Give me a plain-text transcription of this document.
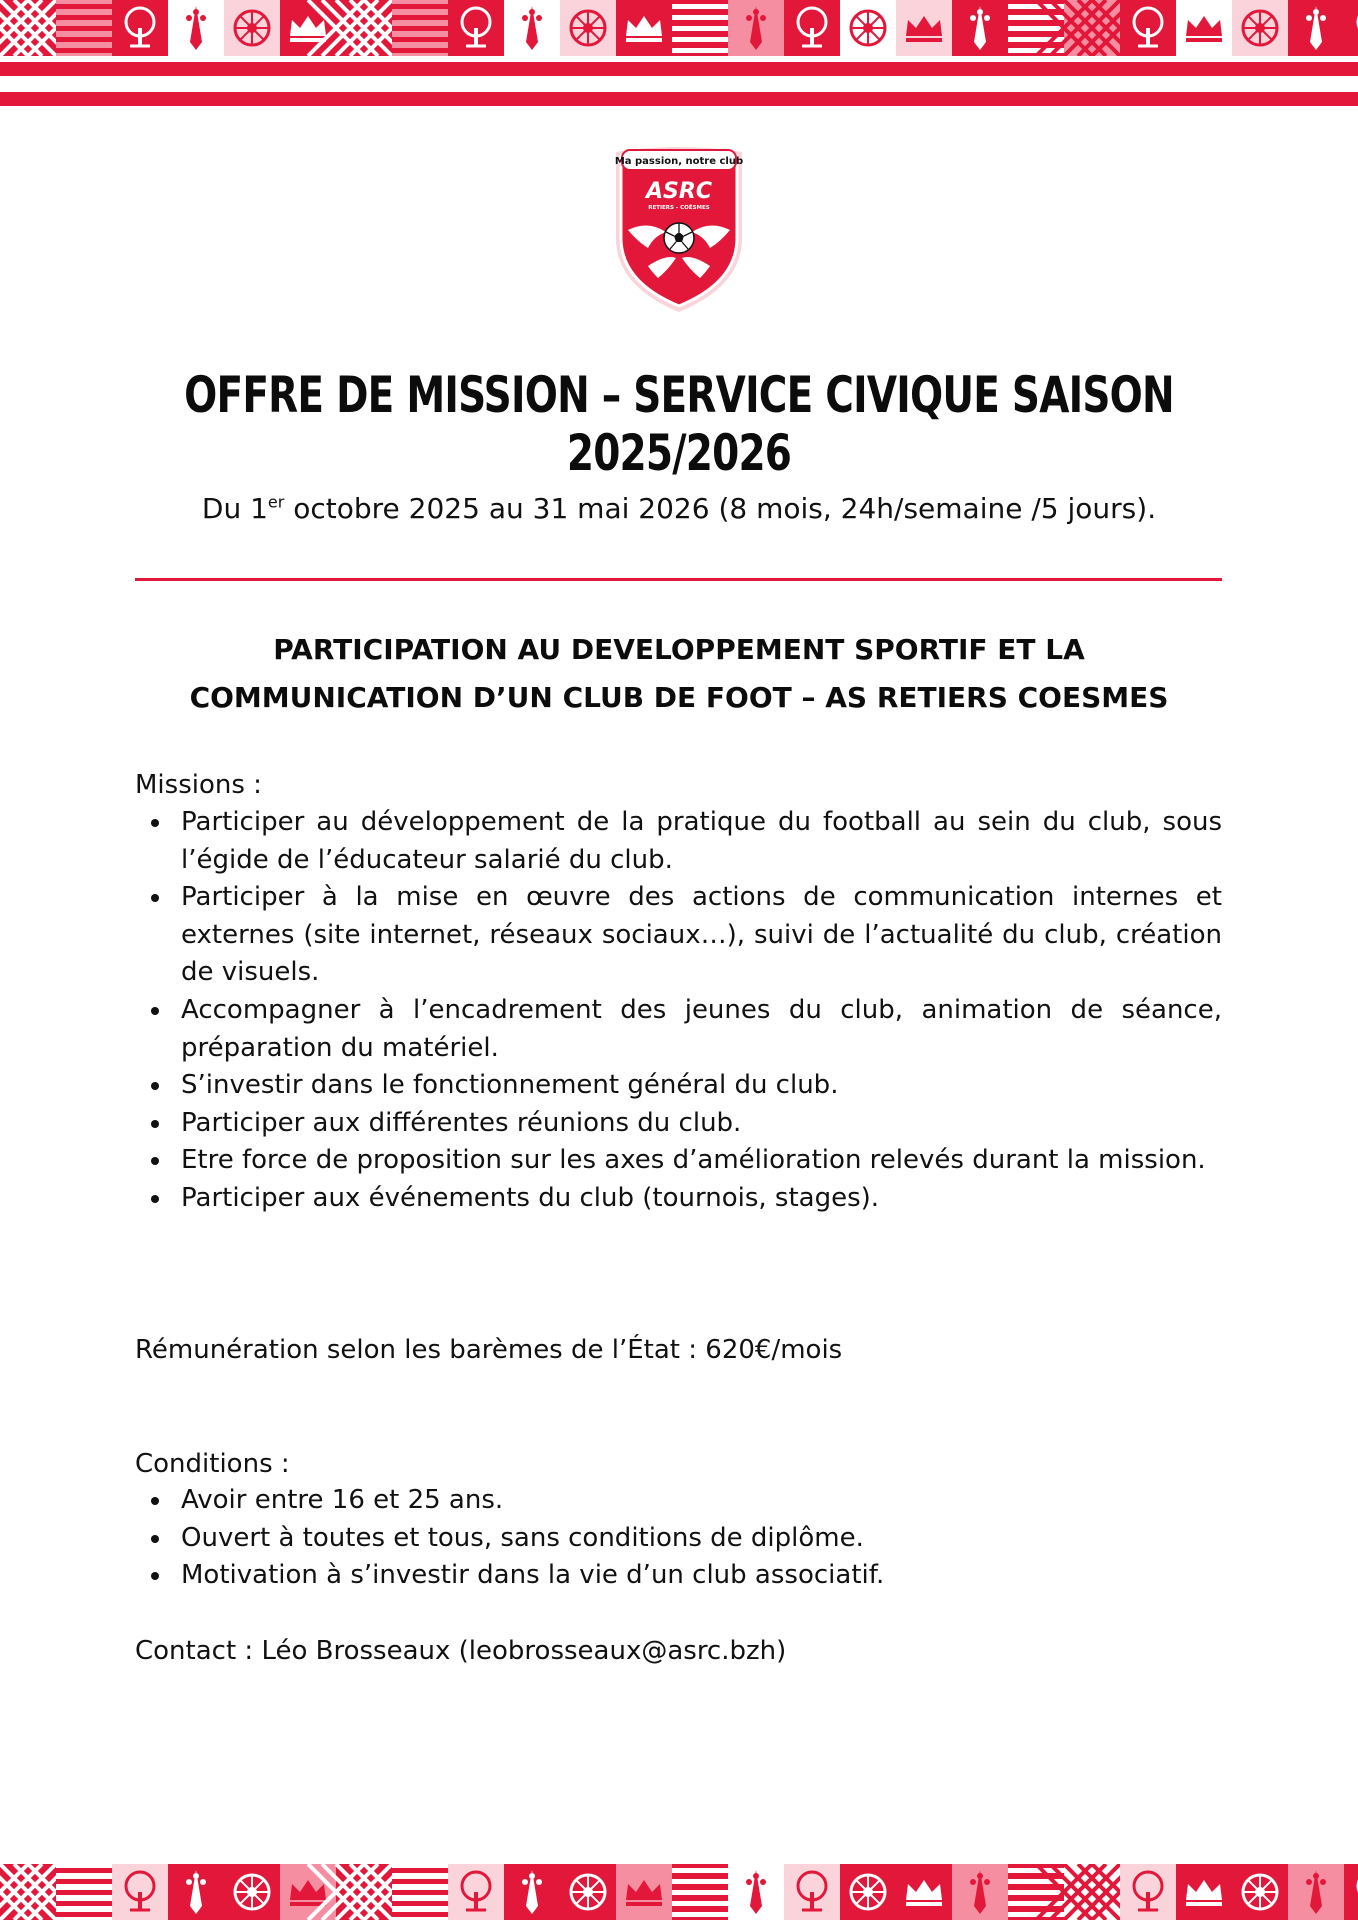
Ma passion, notre club
ASRC
RETIERS - COËSMES
OFFRE DE MISSION – SERVICE CIVIQUE SAISON 2025/2026

Du 1er octobre 2025 au 31 mai 2026 (8 mois, 24h/semaine /5 jours).

PARTICIPATION AU DEVELOPPEMENT SPORTIF ET LA
COMMUNICATION D’UN CLUB DE FOOT – AS RETIERS COESMES

Missions :

Participer au développement de la pratique du football au sein du club, sous l’égide de l’éducateur salarié du club.
Participer à la mise en œuvre des actions de communication internes et externes (site internet, réseaux sociaux…), suivi de l’actualité du club, création de visuels.
Accompagner à l’encadrement des jeunes du club, animation de séance, préparation du matériel.
S’investir dans le fonctionnement général du club.
Participer aux différentes réunions du club.
Etre force de proposition sur les axes d’amélioration relevés durant la mission.
Participer aux événements du club (tournois, stages).

Rémunération selon les barèmes de l’État : 620€/mois

Conditions :

Avoir entre 16 et 25 ans.
Ouvert à toutes et tous, sans conditions de diplôme.
Motivation à s’investir dans la vie d’un club associatif.

Contact : Léo Brosseaux (leobrosseaux@asrc.bzh)
